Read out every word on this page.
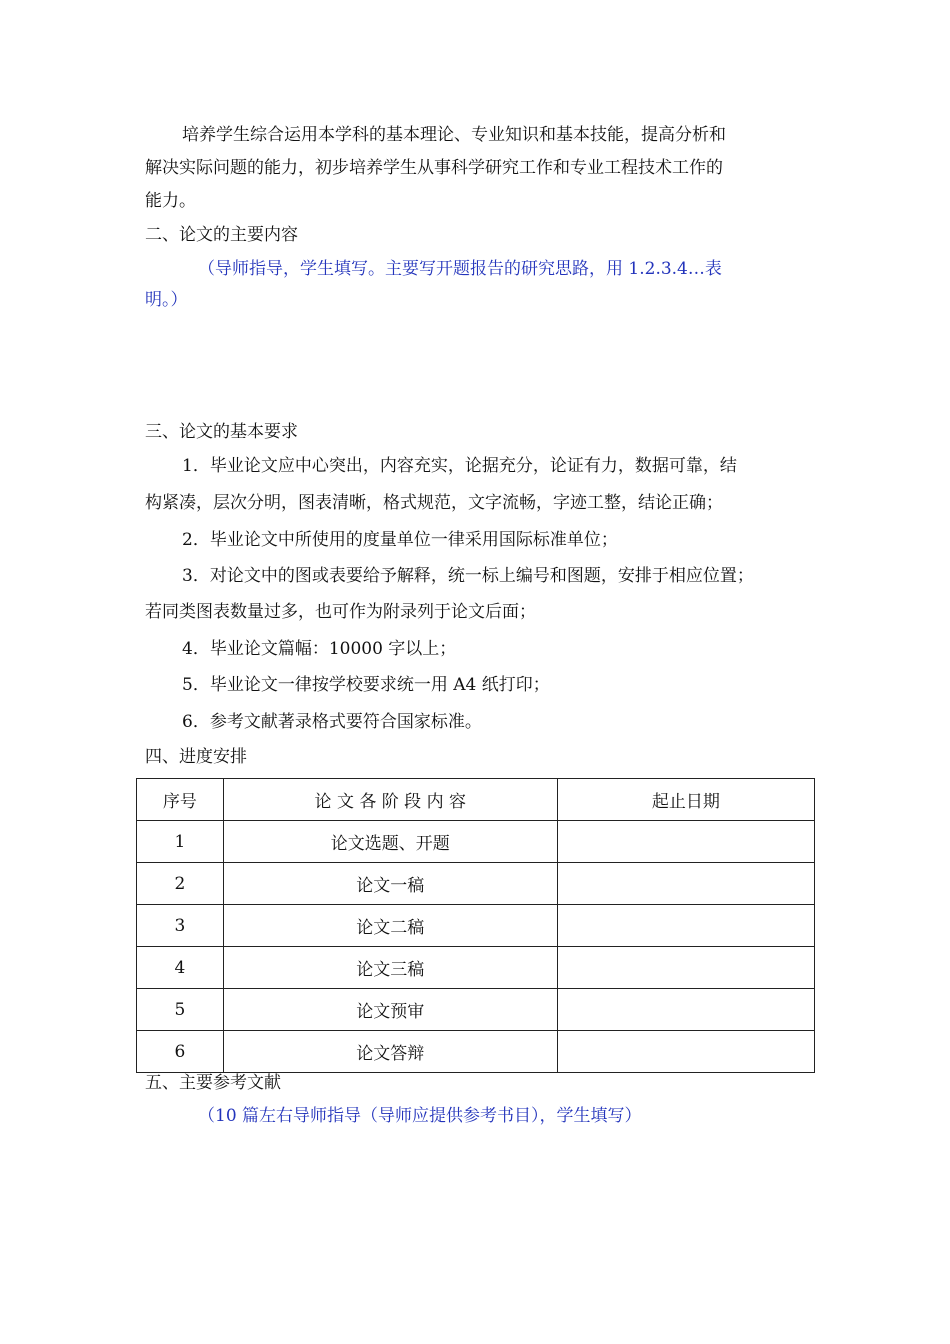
培养学生综合运用本学科的基本理论、专业知识和基本技能，提高分析和
解决实际问题的能力，初步培养学生从事科学研究工作和专业工程技术工作的
能力。
二、论文的主要内容
（导师指导，学生填写。主要写开题报告的研究思路，用 1.2.3.4…表
明。）
三、论文的基本要求
1．毕业论文应中心突出，内容充实，论据充分，论证有力，数据可靠，结
构紧凑，层次分明，图表清晰，格式规范，文字流畅，字迹工整，结论正确；
2．毕业论文中所使用的度量单位一律采用国际标准单位；
3．对论文中的图或表要给予解释，统一标上编号和图题，安排于相应位置；
若同类图表数量过多，也可作为附录列于论文后面；
4．毕业论文篇幅：10000 字以上；
5．毕业论文一律按学校要求统一用 A4 纸打印；
6．参考文献著录格式要符合国家标准。
四、进度安排
序号	论 文 各 阶 段 内 容	起止日期
1	论文选题、开题	
2	论文一稿	
3	论文二稿	
4	论文三稿	
5	论文预审	
6	论文答辩	
五、主要参考文献
（10 篇左右导师指导（导师应提供参考书目），学生填写）
